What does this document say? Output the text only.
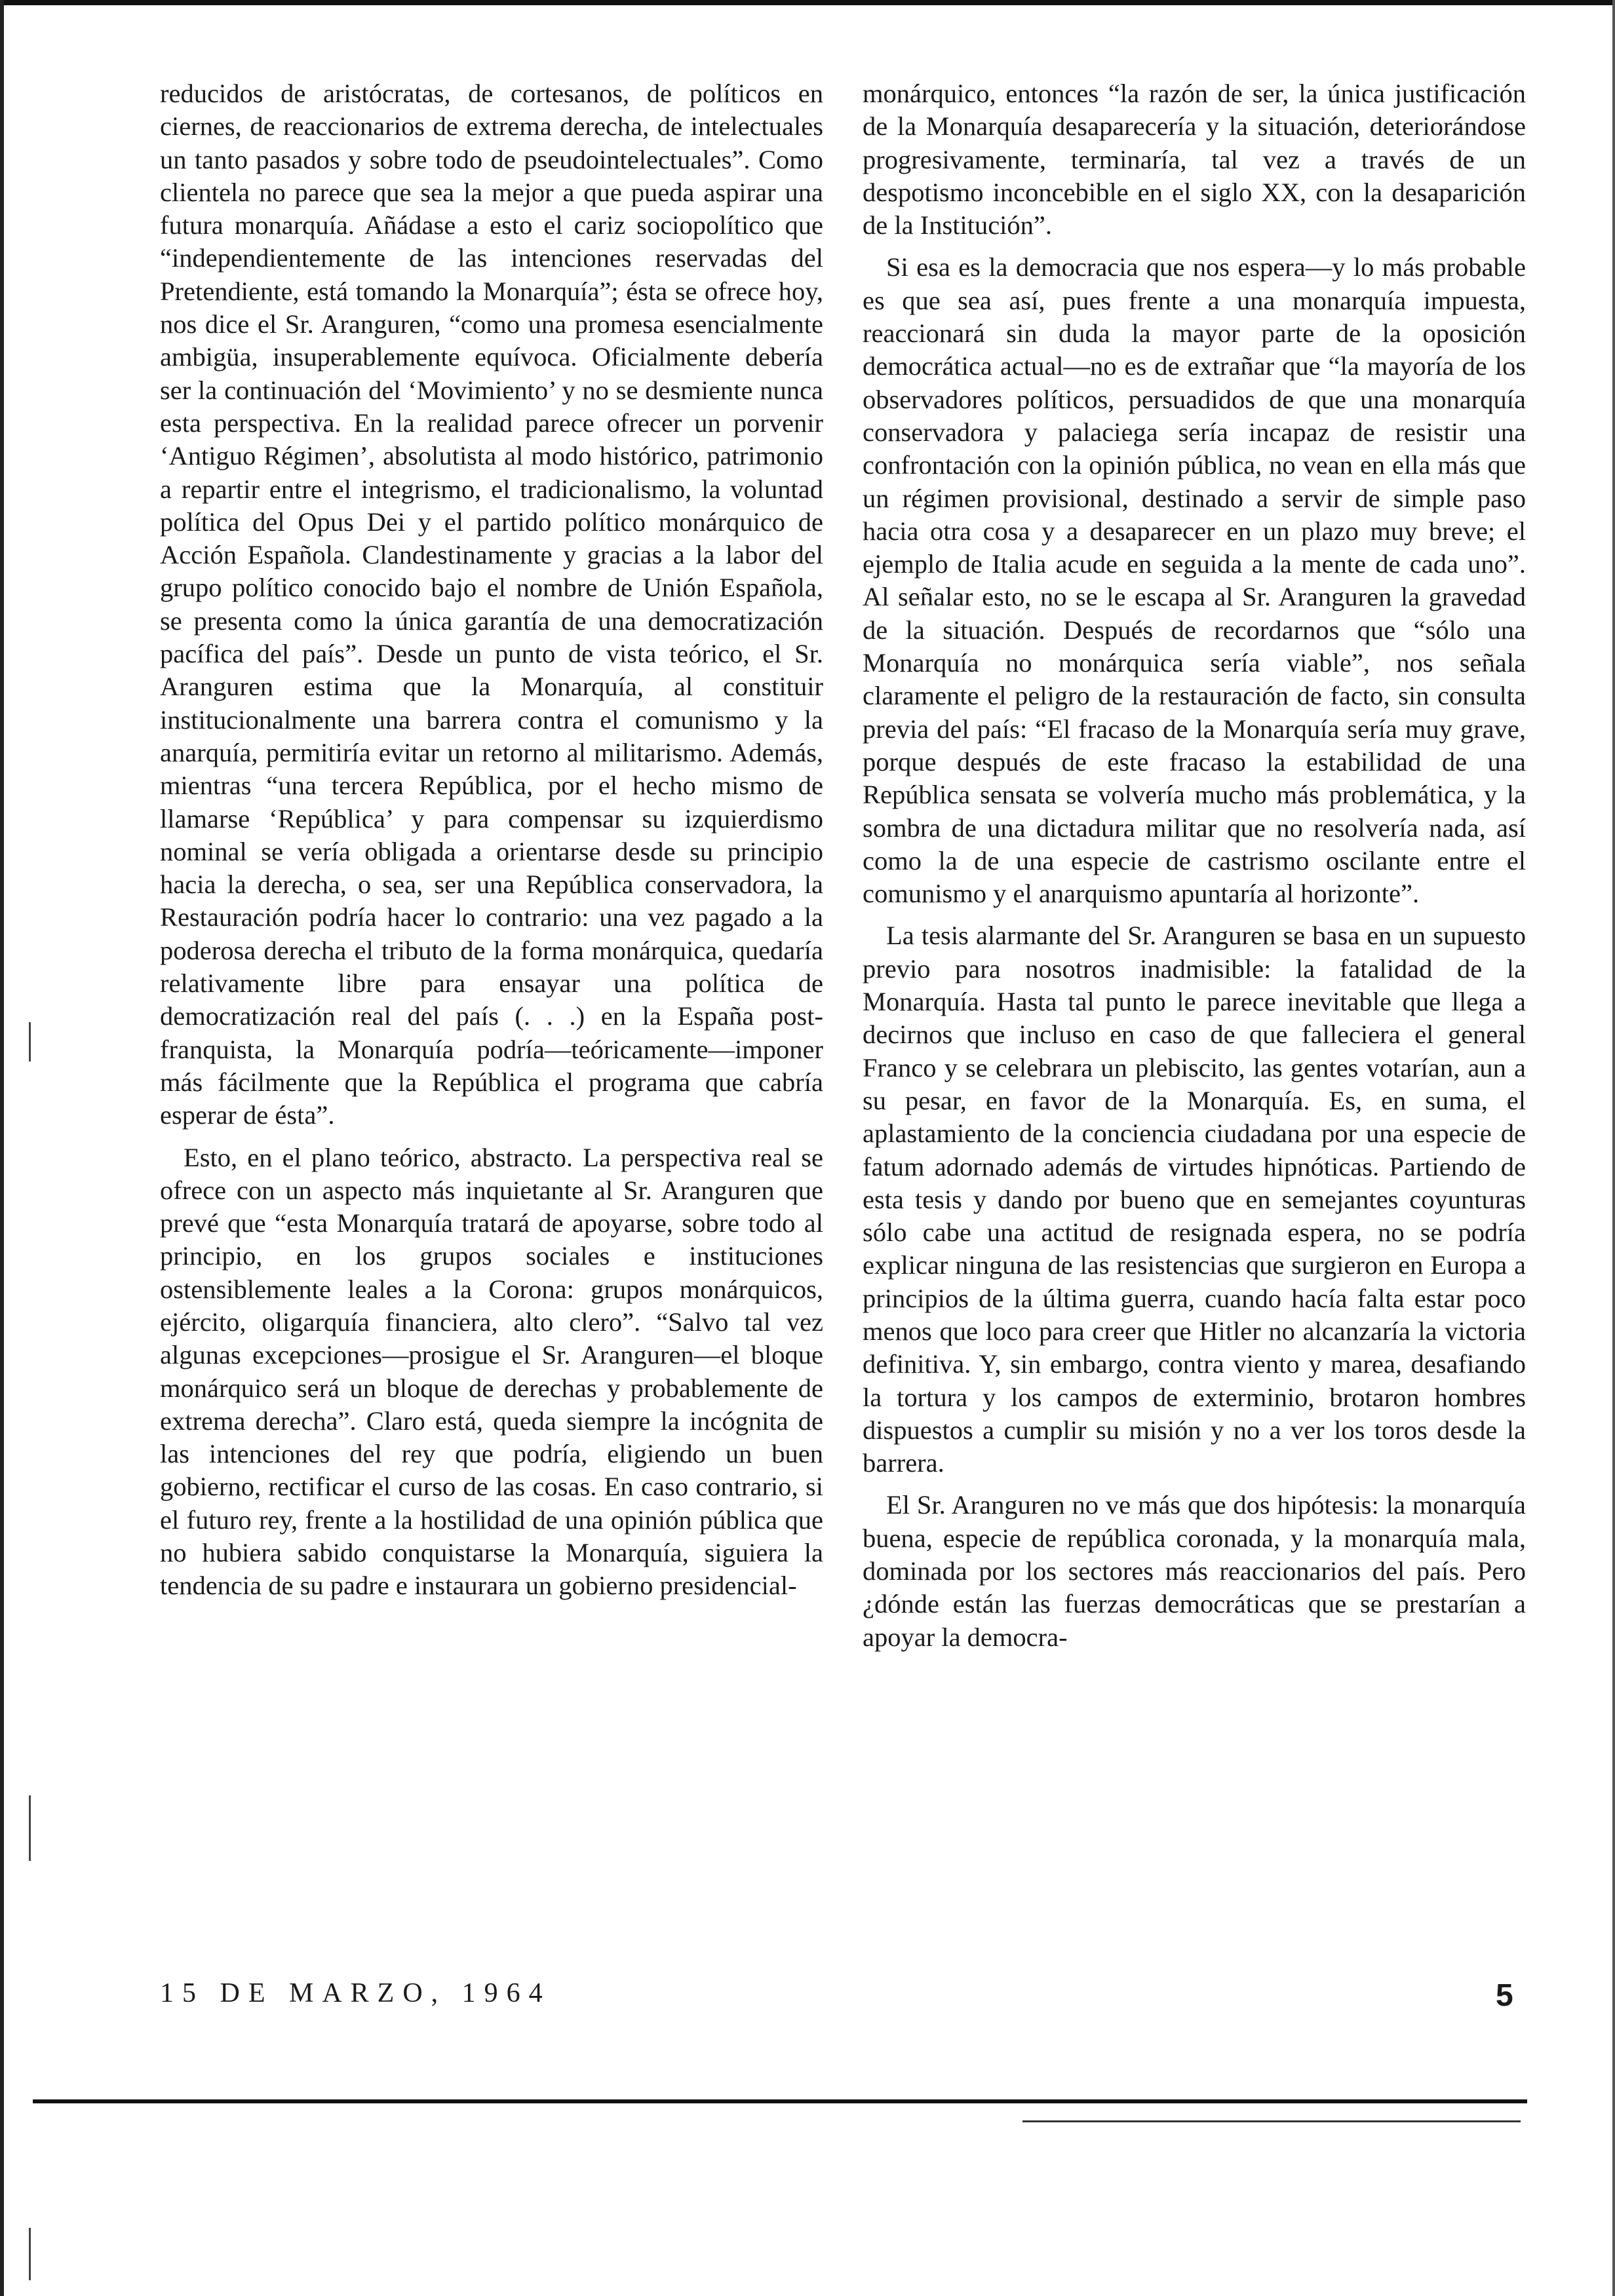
reducidos de aristócratas, de cortesanos, de políticos en ciernes, de reaccionarios de extrema derecha, de intelectuales un tanto pasados y sobre todo de pseudointelectuales”. Como clientela no parece que sea la mejor a que pueda aspirar una futura monarquía. Añádase a esto el cariz sociopolítico que “independientemente de las intenciones reservadas del Pretendiente, está tomando la Monarquía”; ésta se ofrece hoy, nos dice el Sr. Aranguren, “como una promesa esencialmente ambigüa, insuperablemente equívoca. Oficialmente debería ser la continuación del ‘Movimiento’ y no se desmiente nunca esta perspectiva. En la realidad parece ofrecer un porvenir ‘Antiguo Régimen’, absolutista al modo histórico, patrimonio a repartir entre el integrismo, el tradicionalismo, la voluntad política del Opus Dei y el partido político monárquico de Acción Española. Clandestinamente y gracias a la labor del grupo político conocido bajo el nombre de Unión Española, se presenta como la única garantía de una democratización pacífica del país”. Desde un punto de vista teórico, el Sr. Aranguren estima que la Monarquía, al constituir institucionalmente una barrera contra el comunismo y la anarquía, permitiría evitar un retorno al militarismo. Además, mientras “una tercera República, por el hecho mismo de llamarse ‘República’ y para compensar su izquierdismo nominal se vería obligada a orientarse desde su principio hacia la derecha, o sea, ser una República conservadora, la Restauración podría hacer lo contrario: una vez pagado a la poderosa derecha el tributo de la forma monárquica, quedaría relativamente libre para ensayar una política de democratización real del país (. . .) en la España post-franquista, la Monarquía podría—teóricamente—imponer más fácilmente que la República el programa que cabría esperar de ésta”.

Esto, en el plano teórico, abstracto. La perspectiva real se ofrece con un aspecto más inquietante al Sr. Aranguren que prevé que “esta Monarquía tratará de apoyarse, sobre todo al principio, en los grupos sociales e instituciones ostensiblemente leales a la Corona: grupos monárquicos, ejército, oligarquía financiera, alto clero”. “Salvo tal vez algunas excepciones—prosigue el Sr. Aranguren—el bloque monárquico será un bloque de derechas y probablemente de extrema derecha”. Claro está, queda siempre la incógnita de las intenciones del rey que podría, eligiendo un buen gobierno, rectificar el curso de las cosas. En caso contrario, si el futuro rey, frente a la hostilidad de una opinión pública que no hubiera sabido conquistarse la Monarquía, siguiera la tendencia de su padre e instaurara un gobierno presidencial-

monárquico, entonces “la razón de ser, la única justificación de la Monarquía desaparecería y la situación, deteriorándose progresivamente, terminaría, tal vez a través de un despotismo inconcebible en el siglo XX, con la desaparición de la Institución”.

Si esa es la democracia que nos espera—y lo más probable es que sea así, pues frente a una monarquía impuesta, reaccionará sin duda la mayor parte de la oposición democrática actual—no es de extrañar que “la mayoría de los observadores políticos, persuadidos de que una monarquía conservadora y palaciega sería incapaz de resistir una confrontación con la opinión pública, no vean en ella más que un régimen provisional, destinado a servir de simple paso hacia otra cosa y a desaparecer en un plazo muy breve; el ejemplo de Italia acude en seguida a la mente de cada uno”. Al señalar esto, no se le escapa al Sr. Aranguren la gravedad de la situación. Después de recordarnos que “sólo una Monarquía no monárquica sería viable”, nos señala claramente el peligro de la restauración de facto, sin consulta previa del país: “El fracaso de la Monarquía sería muy grave, porque después de este fracaso la estabilidad de una República sensata se volvería mucho más problemática, y la sombra de una dictadura militar que no resolvería nada, así como la de una especie de castrismo oscilante entre el comunismo y el anarquismo apuntaría al horizonte”.

La tesis alarmante del Sr. Aranguren se basa en un supuesto previo para nosotros inadmisible: la fatalidad de la Monarquía. Hasta tal punto le parece inevitable que llega a decirnos que incluso en caso de que falleciera el general Franco y se celebrara un plebiscito, las gentes votarían, aun a su pesar, en favor de la Monarquía. Es, en suma, el aplastamiento de la conciencia ciudadana por una especie de fatum adornado además de virtudes hipnóticas. Partiendo de esta tesis y dando por bueno que en semejantes coyunturas sólo cabe una actitud de resignada espera, no se podría explicar ninguna de las resistencias que surgieron en Europa a principios de la última guerra, cuando hacía falta estar poco menos que loco para creer que Hitler no alcanzaría la victoria definitiva. Y, sin embargo, contra viento y marea, desafiando la tortura y los campos de exterminio, brotaron hombres dispuestos a cumplir su misión y no a ver los toros desde la barrera.

El Sr. Aranguren no ve más que dos hipótesis: la monarquía buena, especie de república coronada, y la monarquía mala, dominada por los sectores más reaccionarios del país. Pero ¿dónde están las fuerzas democráticas que se prestarían a apoyar la democra-

15 DE MARZO, 1964	5
